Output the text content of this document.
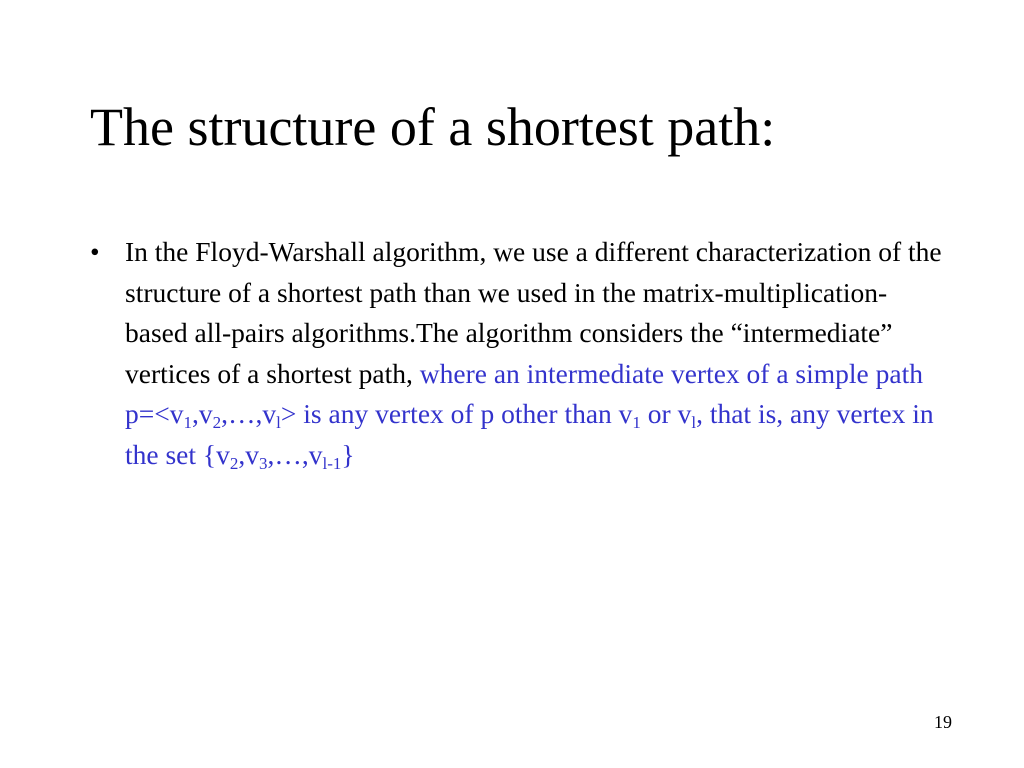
The structure of a shortest path:
• In the Floyd-Warshall algorithm, we use a different characterization of the structure of a shortest path than we used in the matrix-multiplication-based all-pairs algorithms.The algorithm considers the “intermediate” vertices of a shortest path, where an intermediate vertex of a simple path $p=<v_1,v_2,\dots,v_l>$ is any vertex of p other than $v_1$ or $v_l$, that is, any vertex in the set $\{v_2,v_3,\dots,v_{l-1}\}$
19
